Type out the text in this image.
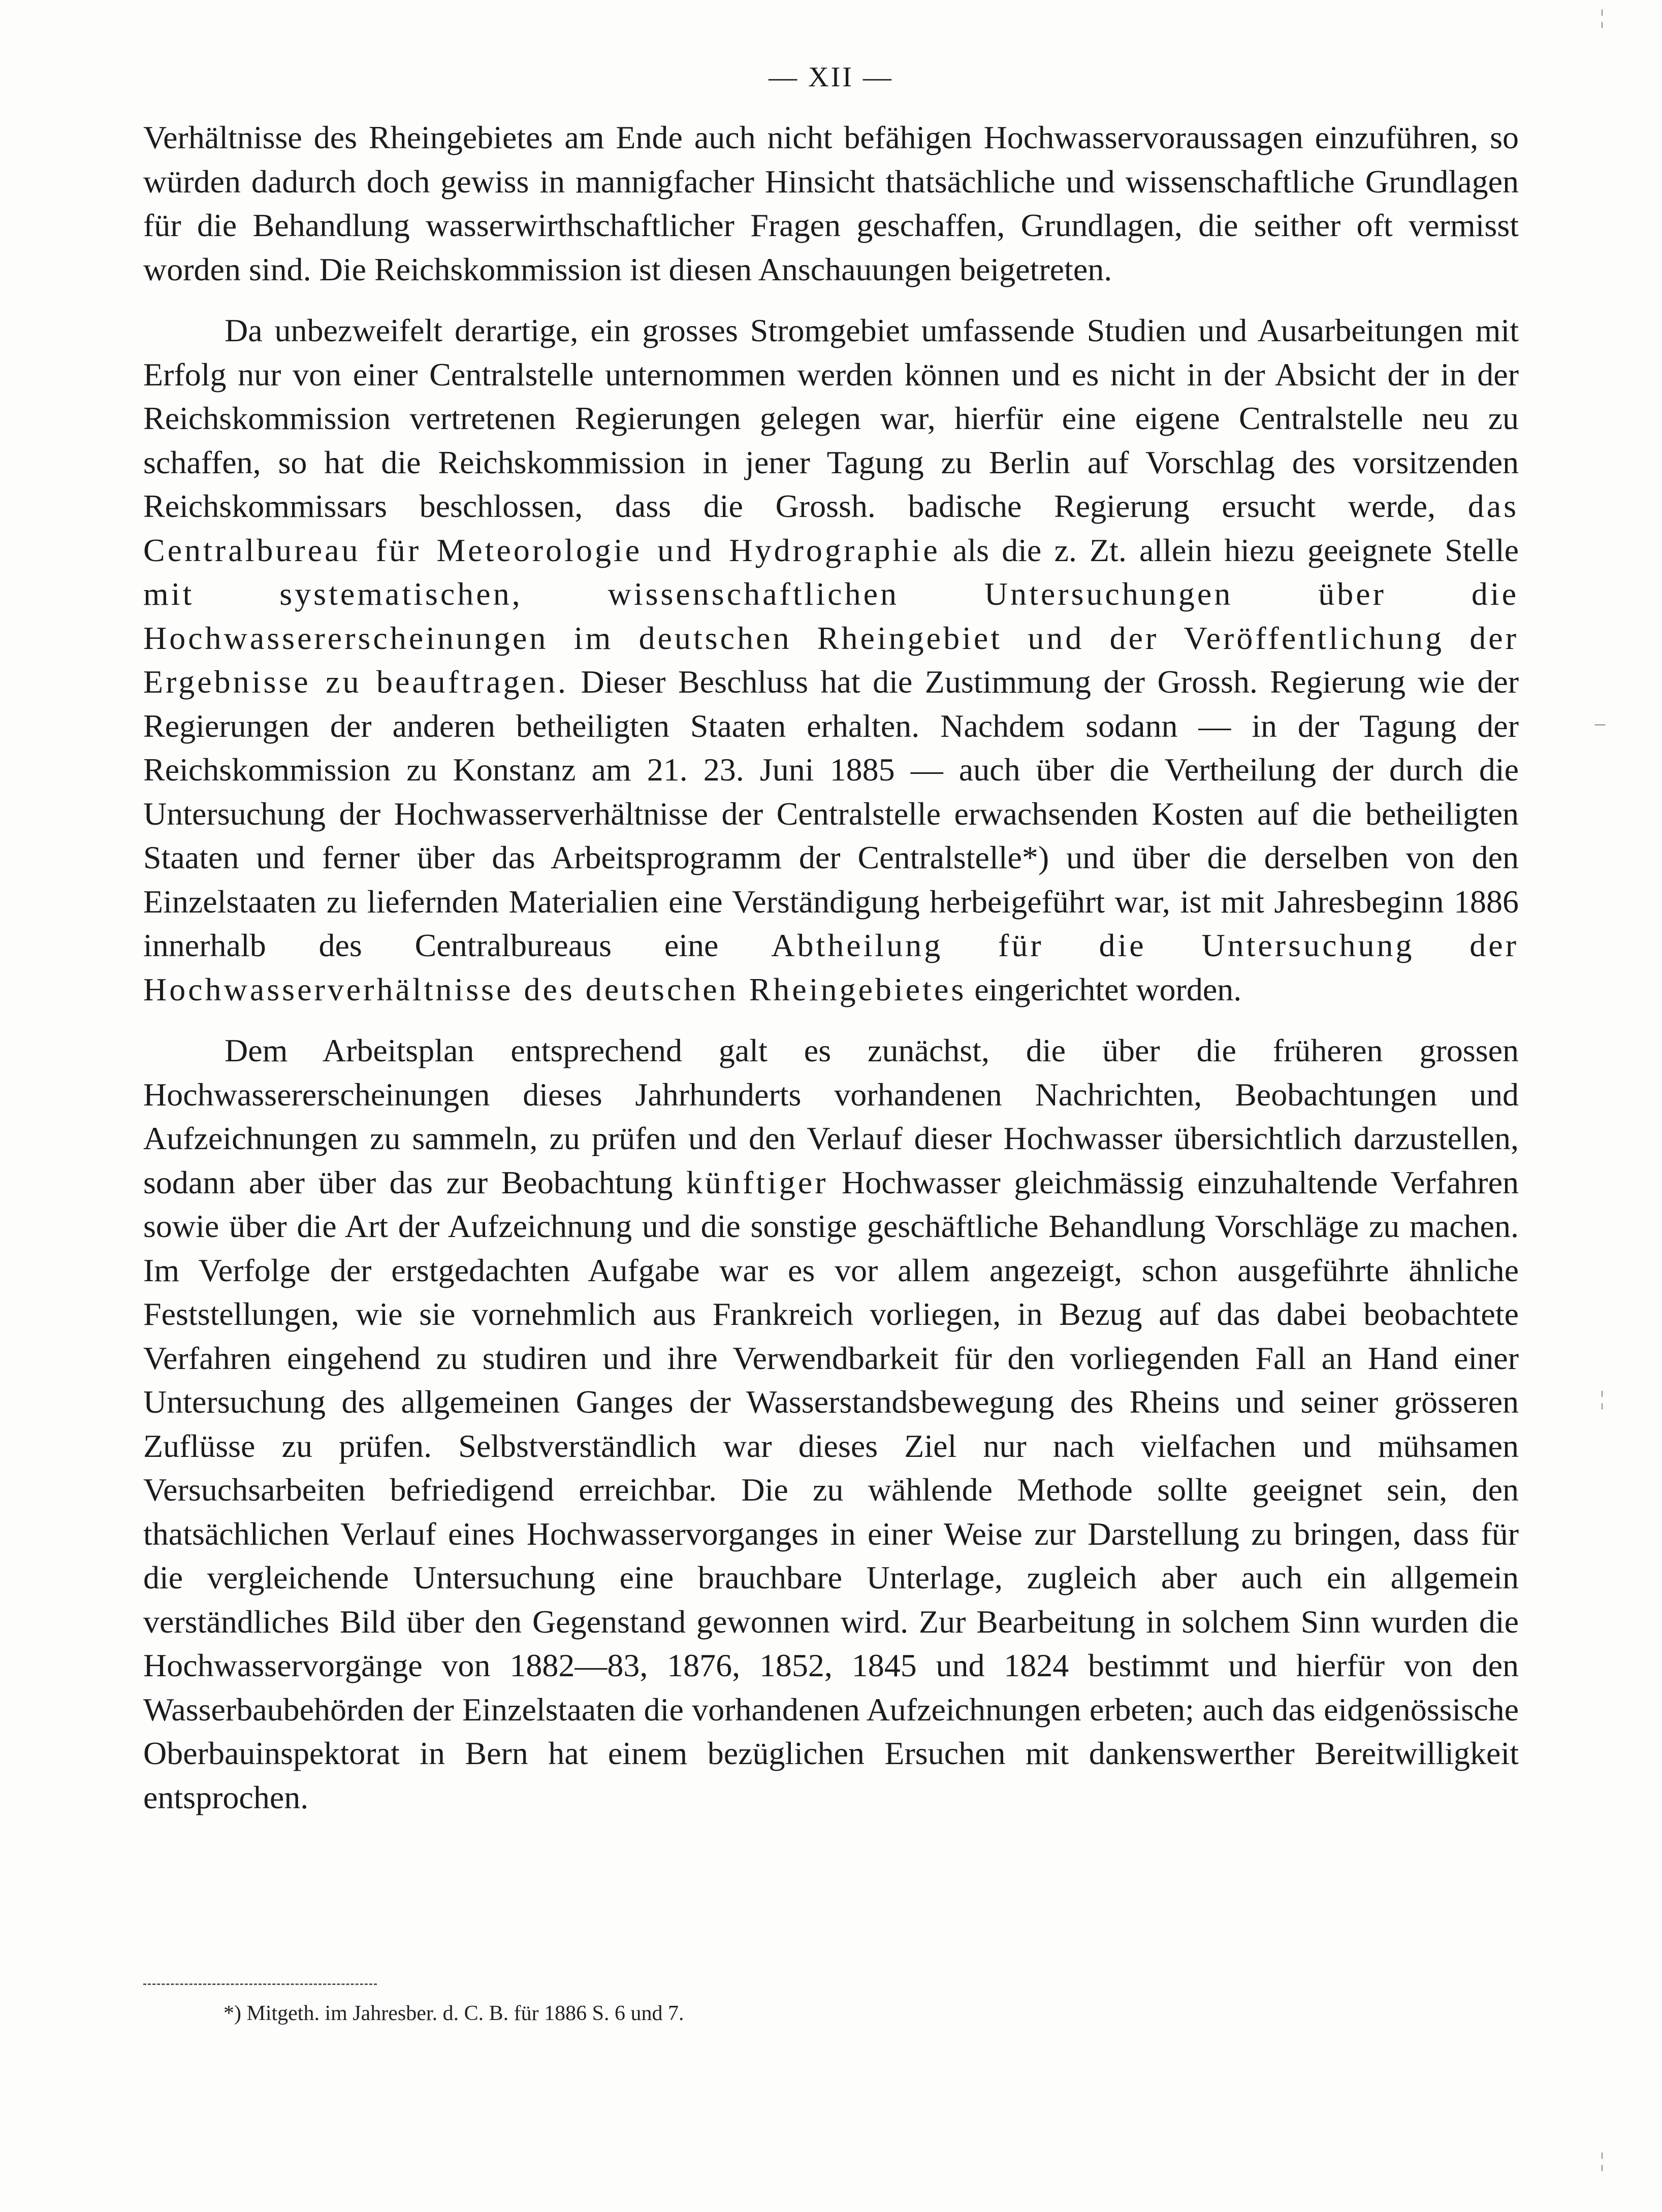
— XII —

Verhältnisse des Rheingebietes am Ende auch nicht befähigen Hochwasservoraussagen einzuführen, so würden dadurch doch gewiss in mannigfacher Hinsicht thatsächliche und wissenschaftliche Grundlagen für die Behandlung wasserwirthschaftlicher Fragen geschaffen, Grundlagen, die seither oft vermisst worden sind. Die Reichskommission ist diesen Anschauungen beigetreten.

Da unbezweifelt derartige, ein grosses Stromgebiet umfassende Studien und Ausarbeitungen mit Erfolg nur von einer Centralstelle unternommen werden können und es nicht in der Absicht der in der Reichskommission vertretenen Regierungen gelegen war, hierfür eine eigene Centralstelle neu zu schaffen, so hat die Reichskommission in jener Tagung zu Berlin auf Vorschlag des vorsitzenden Reichskommissars beschlossen, dass die Grossh. badische Regierung ersucht werde, das Centralbureau für Meteorologie und Hydrographie als die z. Zt. allein hiezu geeignete Stelle mit systematischen, wissenschaftlichen Untersuchungen über die Hochwassererscheinungen im deutschen Rheingebiet und der Veröffentlichung der Ergebnisse zu beauftragen. Dieser Beschluss hat die Zustimmung der Grossh. Regierung wie der Regierungen der anderen betheiligten Staaten erhalten. Nachdem sodann — in der Tagung der Reichskommission zu Konstanz am 21. 23. Juni 1885 — auch über die Vertheilung der durch die Untersuchung der Hochwasserverhältnisse der Centralstelle erwachsenden Kosten auf die betheiligten Staaten und ferner über das Arbeitsprogramm der Centralstelle*) und über die derselben von den Einzelstaaten zu liefernden Materialien eine Verständigung herbeigeführt war, ist mit Jahresbeginn 1886 innerhalb des Centralbureaus eine Abtheilung für die Untersuchung der Hochwasserverhältnisse des deutschen Rheingebietes eingerichtet worden.

Dem Arbeitsplan entsprechend galt es zunächst, die über die früheren grossen Hochwassererscheinungen dieses Jahrhunderts vorhandenen Nachrichten, Beobachtungen und Aufzeichnungen zu sammeln, zu prüfen und den Verlauf dieser Hochwasser übersichtlich darzustellen, sodann aber über das zur Beobachtung künftiger Hochwasser gleichmässig einzuhaltende Verfahren sowie über die Art der Aufzeichnung und die sonstige geschäftliche Behandlung Vorschläge zu machen. Im Verfolge der erstgedachten Aufgabe war es vor allem angezeigt, schon ausgeführte ähnliche Feststellungen, wie sie vornehmlich aus Frankreich vorliegen, in Bezug auf das dabei beobachtete Verfahren eingehend zu studiren und ihre Verwendbarkeit für den vorliegenden Fall an Hand einer Untersuchung des allgemeinen Ganges der Wasserstandsbewegung des Rheins und seiner grösseren Zuflüsse zu prüfen. Selbstverständlich war dieses Ziel nur nach vielfachen und mühsamen Versuchsarbeiten befriedigend erreichbar. Die zu wählende Methode sollte geeignet sein, den thatsächlichen Verlauf eines Hochwasservorganges in einer Weise zur Darstellung zu bringen, dass für die vergleichende Untersuchung eine brauchbare Unterlage, zugleich aber auch ein allgemein verständliches Bild über den Gegenstand gewonnen wird. Zur Bearbeitung in solchem Sinn wurden die Hochwasservorgänge von 1882—83, 1876, 1852, 1845 und 1824 bestimmt und hierfür von den Wasserbaubehörden der Einzelstaaten die vorhandenen Aufzeichnungen erbeten; auch das eidgenössische Oberbauinspektorat in Bern hat einem bezüglichen Ersuchen mit dankenswerther Bereitwilligkeit entsprochen.

*) Mitgeth. im Jahresber. d. C. B. für 1886 S. 6 und 7.
¦
–
¦
¦
